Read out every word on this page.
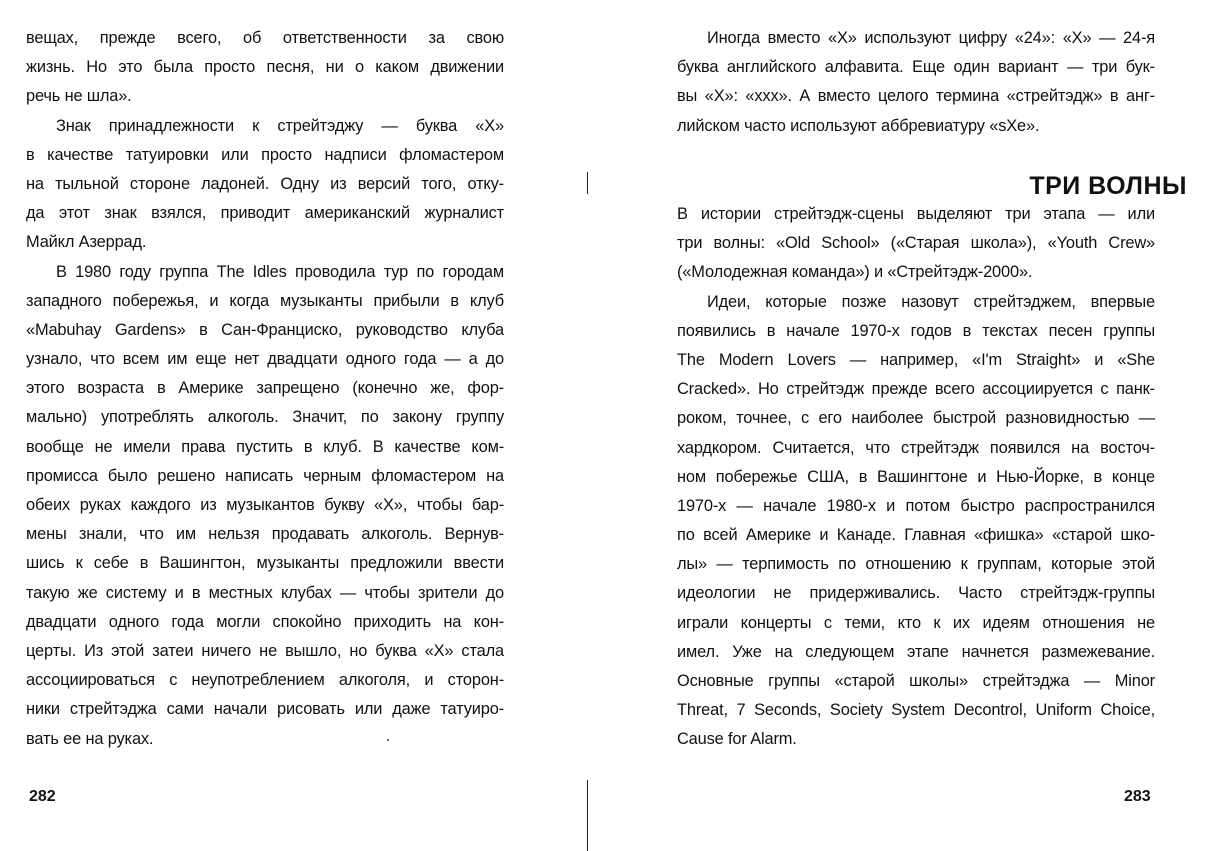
вещах, прежде всего, об ответственности за свою
жизнь. Но это была просто песня, ни о каком движении
речь не шла».
Знак принадлежности к стрейтэджу — буква «X»
в качестве татуировки или просто надписи фломастером
на тыльной стороне ладоней. Одну из версий того, отку-
да этот знак взялся, приводит американский журналист
Майкл Азеррад.
В 1980 году группа The Idles проводила тур по городам
западного побережья, и когда музыканты прибыли в клуб
«Mabuhay Gardens» в Сан-Франциско, руководство клуба
узнало, что всем им еще нет двадцати одного года — а до
этого возраста в Америке запрещено (конечно же, фор-
мально) употреблять алкоголь. Значит, по закону группу
вообще не имели права пустить в клуб. В качестве ком-
промисса было решено написать черным фломастером на
обеих руках каждого из музыкантов букву «X», чтобы бар-
мены знали, что им нельзя продавать алкоголь. Вернув-
шись к себе в Вашингтон, музыканты предложили ввести
такую же систему и в местных клубах — чтобы зрители до
двадцати одного года могли спокойно приходить на кон-
церты. Из этой затеи ничего не вышло, но буква «X» стала
ассоциироваться с неупотреблением алкоголя, и сторон-
ники стрейтэджа сами начали рисовать или даже татуиро-
вать ее на руках.
282
Иногда вместо «X» используют цифру «24»: «X» — 24-я
буква английского алфавита. Еще один вариант — три бук-
вы «X»: «xxx». А вместо целого термина «стрейтэдж» в анг-
лийском часто используют аббревиатуру «sXe».
ТРИ ВОЛНЫ
В истории стрейтэдж-сцены выделяют три этапа — или
три волны: «Old School» («Старая школа»), «Youth Crew»
(«Молодежная команда») и «Стрейтэдж-2000».
Идеи, которые позже назовут стрейтэджем, впервые
появились в начале 1970-х годов в текстах песен группы
The Modern Lovers — например, «I'm Straight» и «She
Cracked». Но стрейтэдж прежде всего ассоциируется с панк-
роком, точнее, с его наиболее быстрой разновидностью —
хардкором. Считается, что стрейтэдж появился на восточ-
ном побережье США, в Вашингтоне и Нью-Йорке, в конце
1970-х — начале 1980-х и потом быстро распространился
по всей Америке и Канаде. Главная «фишка» «старой шко-
лы» — терпимость по отношению к группам, которые этой
идеологии не придерживались. Часто стрейтэдж-группы
играли концерты с теми, кто к их идеям отношения не
имел. Уже на следующем этапе начнется размежевание.
Основные группы «старой школы» стрейтэджа — Minor
Threat, 7 Seconds, Society System Decontrol, Uniform Choice,
Cause for Alarm.
283
